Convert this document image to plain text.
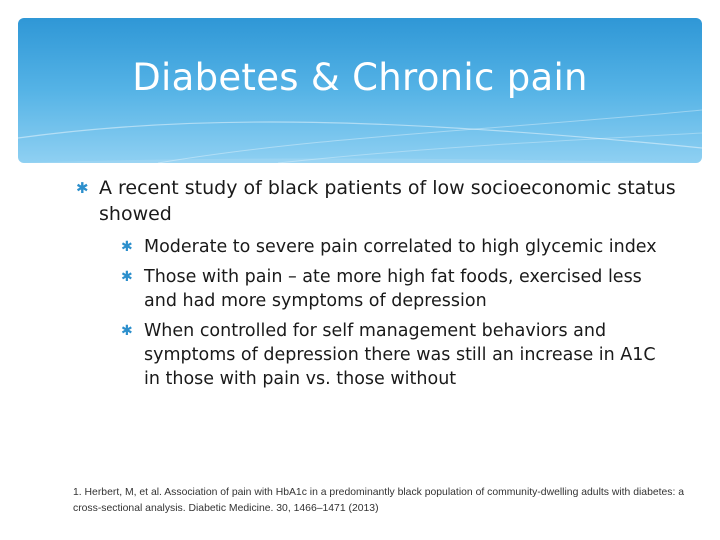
Diabetes & Chronic pain
✱ A recent study of black patients of low socioeconomic status showed
✱ Moderate to severe pain correlated to high glycemic index
✱ Those with pain – ate more high fat foods, exercised less and had more symptoms of depression
✱ When controlled for self management behaviors and symptoms of depression there was still an increase in A1C in those with pain vs. those without
1. Herbert, M, et al. Association of pain with HbA1c in a predominantly black population of community-dwelling adults with diabetes: a cross-sectional analysis. Diabetic Medicine. 30, 1466–1471 (2013)
